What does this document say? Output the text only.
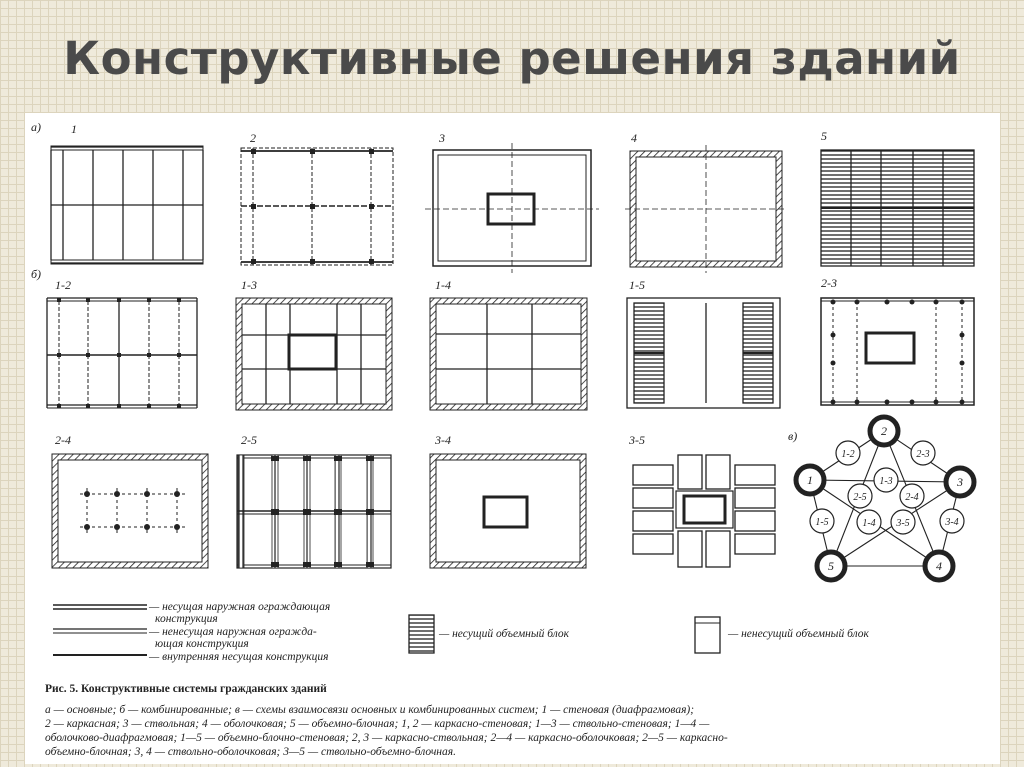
Конструктивные решения зданий
а)
б)
в)
1
2	3	4	5
1-2	1-3	1-4	1-5	2-3
2-4	2-5	3-4	3-5
2
1	3
5	4
1-2	2-3
1-3
2-5	2-4
1-5	1-4 3-5	3-4
— несущая наружная ограждающая
конструкция
— ненесущая наружная огражда-
ющая конструкция
— внутренняя несущая конструкция
— несущий объемный блок	— ненесущий объемный блок
Рис. 5. Конструктивные системы гражданских зданий
а — основные; б — комбинированные; в — схемы взаимосвязи основных и комбинированных систем; 1 — стеновая (диафрагмовая);
2 — каркасная; 3 — ствольная; 4 — оболочковая; 5 — объемно-блочная; 1, 2 — каркасно-стеновая; 1—3 — ствольно-стеновая; 1—4 —
оболочково-диафрагмовая; 1—5 — объемно-блочно-стеновая; 2, 3 — каркасно-ствольная; 2—4 — каркасно-оболочковая; 2—5 — каркасно-
объемно-блочная; 3, 4 — ствольно-оболочковая; 3—5 — ствольно-объемно-блочная.
